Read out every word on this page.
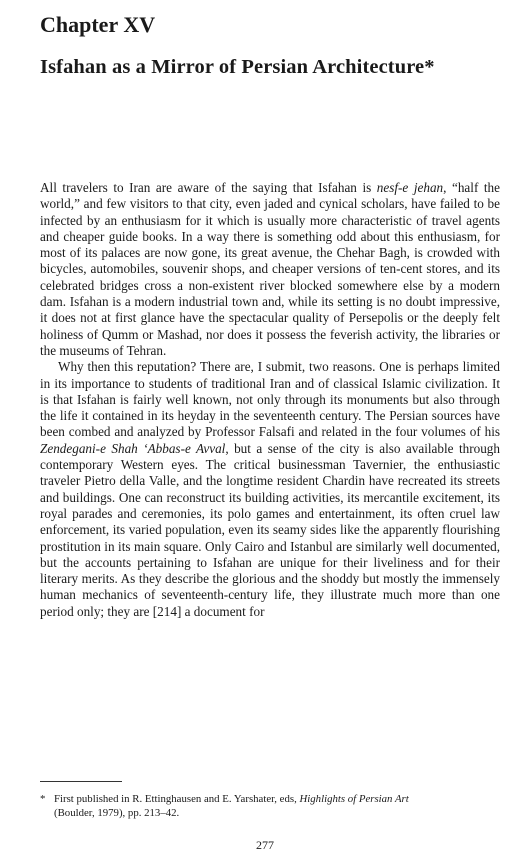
Chapter XV
Isfahan as a Mirror of Persian Architecture*

All travelers to Iran are aware of the saying that Isfahan is nesf-e jehan, “half the world,” and few visitors to that city, even jaded and cynical scholars, have failed to be infected by an enthusiasm for it which is usually more characteristic of travel agents and cheaper guide books. In a way there is something odd about this enthusiasm, for most of its palaces are now gone, its great avenue, the Chehar Bagh, is crowded with bicycles, automobiles, souvenir shops, and cheaper versions of ten-cent stores, and its celebrated bridges cross a non-existent river blocked somewhere else by a modern dam. Isfahan is a modern industrial town and, while its setting is no doubt impressive, it does not at first glance have the spectacular quality of Persepolis or the deeply felt holiness of Qumm or Mashad, nor does it possess the feverish activity, the libraries or the museums of Tehran.

Why then this reputation? There are, I submit, two reasons. One is perhaps limited in its importance to students of traditional Iran and of classical Islamic civilization. It is that Isfahan is fairly well known, not only through its monuments but also through the life it contained in its heyday in the seventeenth century. The Persian sources have been combed and analyzed by Professor Falsafi and related in the four volumes of his Zendegani-e Shah ‘Abbas-e Avval, but a sense of the city is also available through contemporary Western eyes. The critical businessman Tavernier, the enthusiastic traveler Pietro della Valle, and the longtime resident Chardin have recreated its streets and buildings. One can reconstruct its building activities, its mercantile excitement, its royal parades and ceremonies, its polo games and entertainment, its often cruel law enforcement, its varied population, even its seamy sides like the apparently flourishing prostitution in its main square. Only Cairo and Istanbul are similarly well documented, but the accounts pertaining to Isfahan are unique for their liveliness and for their literary merits. As they describe the glorious and the shoddy but mostly the immensely human mechanics of seventeenth-century life, they illustrate much more than one period only; they are [214] a document for

* First published in R. Ettinghausen and E. Yarshater, eds, Highlights of Persian Art
(Boulder, 1979), pp. 213–42.

277
